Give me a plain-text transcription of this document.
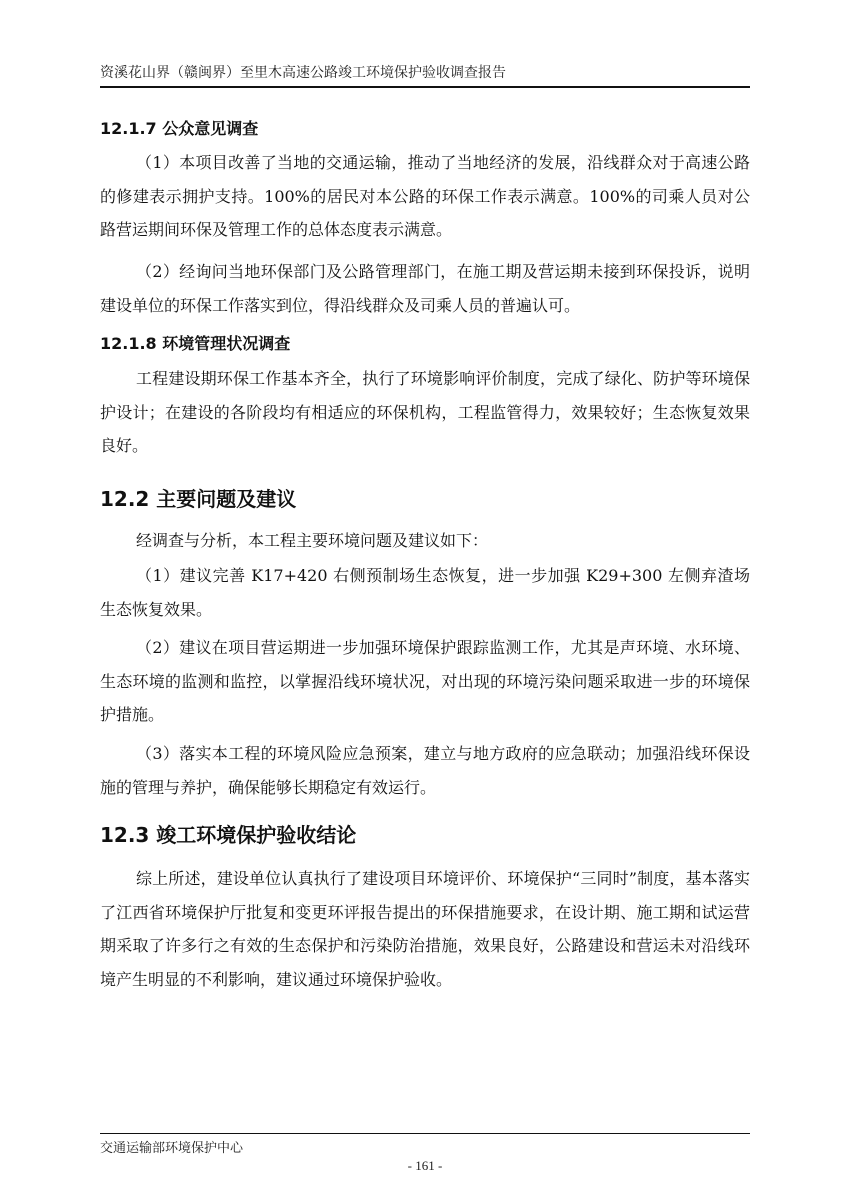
资溪花山界（赣闽界）至里木高速公路竣工环境保护验收调查报告
12.1.7 公众意见调查
（1）本项目改善了当地的交通运输，推动了当地经济的发展，沿线群众对于高速公路的修建表示拥护支持。100%的居民对本公路的环保工作表示满意。100%的司乘人员对公路营运期间环保及管理工作的总体态度表示满意。
（2）经询问当地环保部门及公路管理部门，在施工期及营运期未接到环保投诉，说明建设单位的环保工作落实到位，得沿线群众及司乘人员的普遍认可。
12.1.8 环境管理状况调查
工程建设期环保工作基本齐全，执行了环境影响评价制度，完成了绿化、防护等环境保护设计；在建设的各阶段均有相适应的环保机构，工程监管得力，效果较好；生态恢复效果良好。
12.2 主要问题及建议
经调查与分析，本工程主要环境问题及建议如下：
（1）建议完善 K17+420 右侧预制场生态恢复，进一步加强 K29+300 左侧弃渣场生态恢复效果。
（2）建议在项目营运期进一步加强环境保护跟踪监测工作，尤其是声环境、水环境、生态环境的监测和监控，以掌握沿线环境状况，对出现的环境污染问题采取进一步的环境保护措施。
（3）落实本工程的环境风险应急预案，建立与地方政府的应急联动；加强沿线环保设施的管理与养护，确保能够长期稳定有效运行。
12.3 竣工环境保护验收结论
综上所述，建设单位认真执行了建设项目环境评价、环境保护“三同时”制度，基本落实了江西省环境保护厅批复和变更环评报告提出的环保措施要求，在设计期、施工期和试运营期采取了许多行之有效的生态保护和污染防治措施，效果良好，公路建设和营运未对沿线环境产生明显的不利影响，建议通过环境保护验收。
交通运输部环境保护中心
- 161 -
